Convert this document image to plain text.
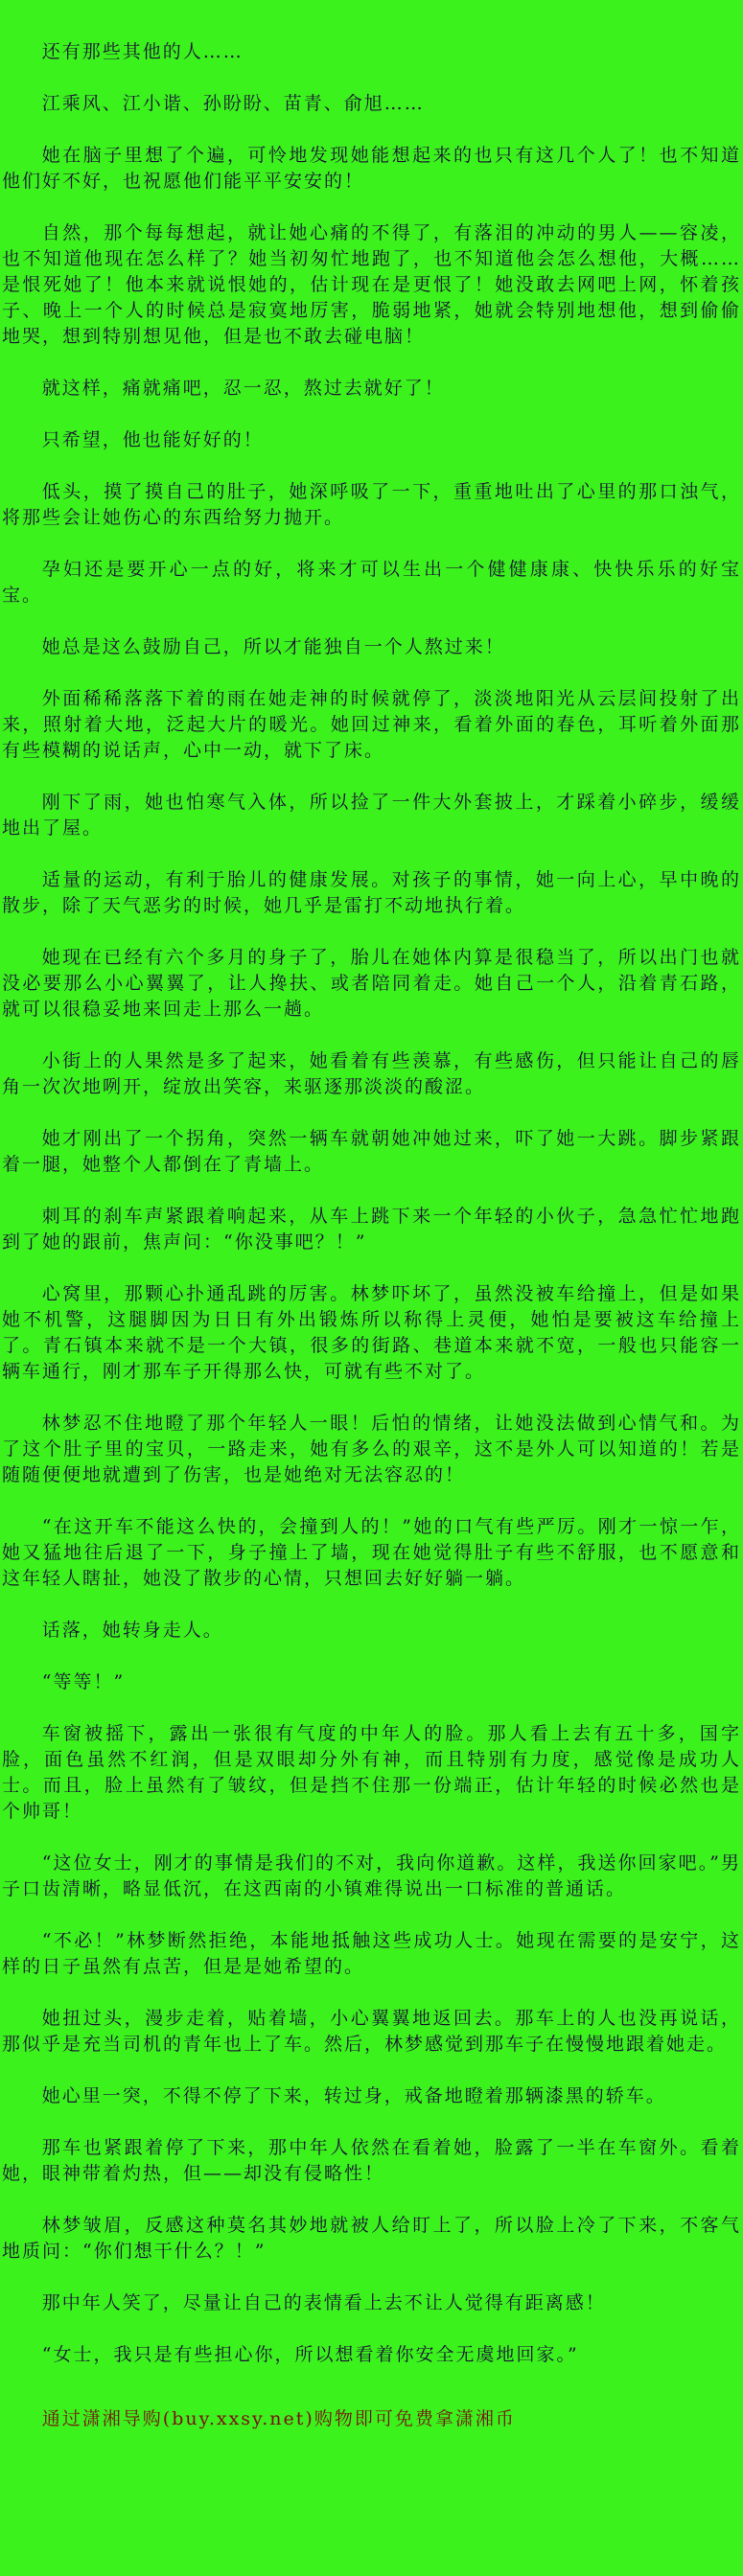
还有那些其他的人……

江乘风、江小谐、孙盼盼、苗青、俞旭……

她在脑子里想了个遍，可怜地发现她能想起来的也只有这几个人了！也不知道他们好不好，也祝愿他们能平平安安的！

自然，那个每每想起，就让她心痛的不得了，有落泪的冲动的男人——容凌，也不知道他现在怎么样了？她当初匆忙地跑了，也不知道他会怎么想他，大概……是恨死她了！他本来就说恨她的，估计现在是更恨了！她没敢去网吧上网，怀着孩子、晚上一个人的时候总是寂寞地厉害，脆弱地紧，她就会特别地想他，想到偷偷地哭，想到特别想见他，但是也不敢去碰电脑！

就这样，痛就痛吧，忍一忍，熬过去就好了！

只希望，他也能好好的！

低头，摸了摸自己的肚子，她深呼吸了一下，重重地吐出了心里的那口浊气，将那些会让她伤心的东西给努力抛开。

孕妇还是要开心一点的好，将来才可以生出一个健健康康、快快乐乐的好宝宝。

她总是这么鼓励自己，所以才能独自一个人熬过来！

外面稀稀落落下着的雨在她走神的时候就停了，淡淡地阳光从云层间投射了出来，照射着大地，泛起大片的暖光。她回过神来，看着外面的春色，耳听着外面那有些模糊的说话声，心中一动，就下了床。

刚下了雨，她也怕寒气入体，所以捡了一件大外套披上，才踩着小碎步，缓缓地出了屋。

适量的运动，有利于胎儿的健康发展。对孩子的事情，她一向上心，早中晚的散步，除了天气恶劣的时候，她几乎是雷打不动地执行着。

她现在已经有六个多月的身子了，胎儿在她体内算是很稳当了，所以出门也就没必要那么小心翼翼了，让人搀扶、或者陪同着走。她自己一个人，沿着青石路，就可以很稳妥地来回走上那么一趟。

小街上的人果然是多了起来，她看着有些羡慕，有些感伤，但只能让自己的唇角一次次地咧开，绽放出笑容，来驱逐那淡淡的酸涩。

她才刚出了一个拐角，突然一辆车就朝她冲她过来，吓了她一大跳。脚步紧跟着一腿，她整个人都倒在了青墙上。

刺耳的刹车声紧跟着响起来，从车上跳下来一个年轻的小伙子，急急忙忙地跑到了她的跟前，焦声问：“你没事吧？！”

心窝里，那颗心扑通乱跳的厉害。林梦吓坏了，虽然没被车给撞上，但是如果她不机警，这腿脚因为日日有外出锻炼所以称得上灵便，她怕是要被这车给撞上了。青石镇本来就不是一个大镇，很多的街路、巷道本来就不宽，一般也只能容一辆车通行，刚才那车子开得那么快，可就有些不对了。

林梦忍不住地瞪了那个年轻人一眼！后怕的情绪，让她没法做到心情气和。为了这个肚子里的宝贝，一路走来，她有多么的艰辛，这不是外人可以知道的！若是随随便便地就遭到了伤害，也是她绝对无法容忍的！

“在这开车不能这么快的，会撞到人的！”她的口气有些严厉。刚才一惊一乍，她又猛地往后退了一下，身子撞上了墙，现在她觉得肚子有些不舒服，也不愿意和这年轻人瞎扯，她没了散步的心情，只想回去好好躺一躺。

话落，她转身走人。

“等等！”

车窗被摇下，露出一张很有气度的中年人的脸。那人看上去有五十多，国字脸，面色虽然不红润，但是双眼却分外有神，而且特别有力度，感觉像是成功人士。而且，脸上虽然有了皱纹，但是挡不住那一份端正，估计年轻的时候必然也是个帅哥！

“这位女士，刚才的事情是我们的不对，我向你道歉。这样，我送你回家吧。”男子口齿清晰，略显低沉，在这西南的小镇难得说出一口标准的普通话。

“不必！”林梦断然拒绝，本能地抵触这些成功人士。她现在需要的是安宁，这样的日子虽然有点苦，但是是她希望的。

她扭过头，漫步走着，贴着墙，小心翼翼地返回去。那车上的人也没再说话，那似乎是充当司机的青年也上了车。然后，林梦感觉到那车子在慢慢地跟着她走。

她心里一突，不得不停了下来，转过身，戒备地瞪着那辆漆黑的轿车。

那车也紧跟着停了下来，那中年人依然在看着她，脸露了一半在车窗外。看着她，眼神带着灼热，但——却没有侵略性！

林梦皱眉，反感这种莫名其妙地就被人给盯上了，所以脸上冷了下来，不客气地质问：“你们想干什么？！”

那中年人笑了，尽量让自己的表情看上去不让人觉得有距离感！

“女士，我只是有些担心你，所以想看着你安全无虞地回家。”

通过潇湘导购(buy.xxsy.net)购物即可免费拿潇湘币
